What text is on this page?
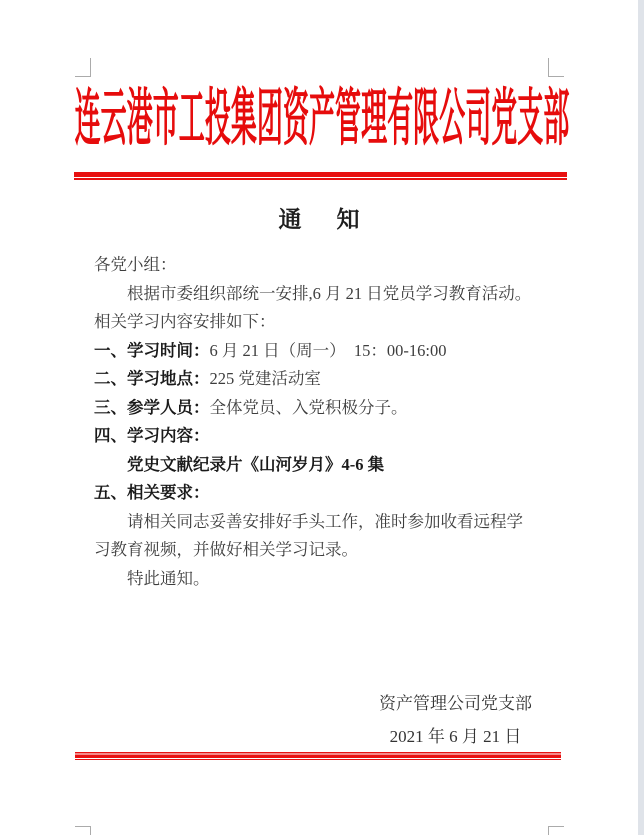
连云港市工投集团资产管理有限公司党支部
通　知

各党小组：

根据市委组织部统一安排,6 月 21 日党员学习教育活动。

相关学习内容安排如下：

一、学习时间：6 月 21 日（周一）　15：00-16:00

二、学习地点：225 党建活动室

三、参学人员：全体党员、入党积极分子。

四、学习内容：

党史文献纪录片《山河岁月》4-6 集

五、相关要求：

请相关同志妥善安排好手头工作，准时参加收看远程学

习教育视频，并做好相关学习记录。

特此通知。

资产管理公司党支部
2021 年 6 月 21 日
